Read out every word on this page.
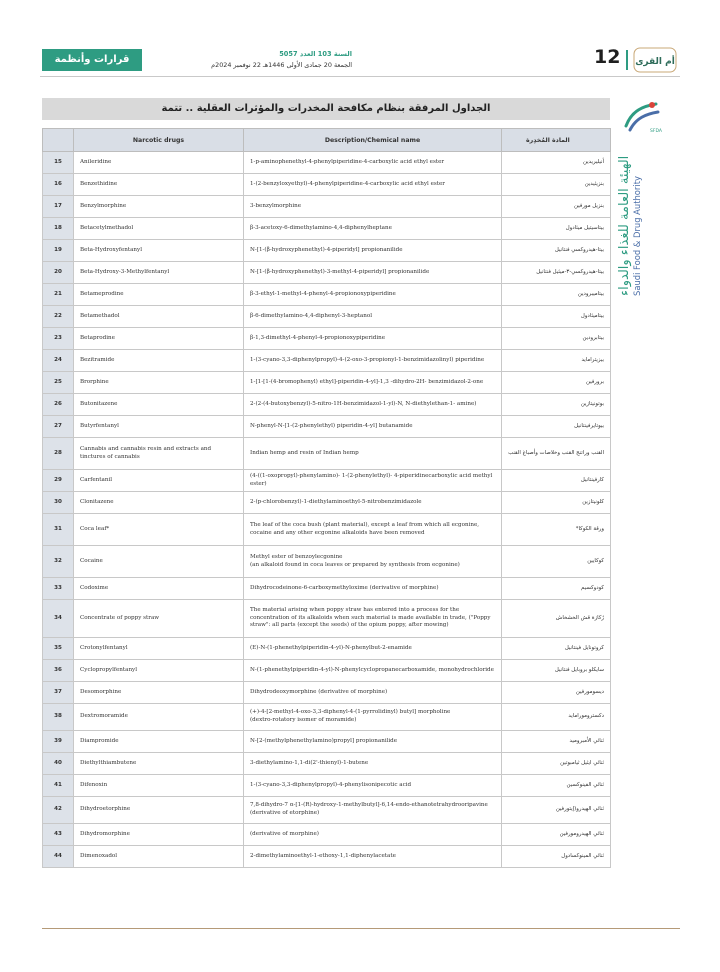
قرارات وأنظمة	السنة 103 العدد 5057
الجمعة 20 جمادى الأولى 1446هـ 22 نوفمبر 2024م	12 أم القرى
SFDA
الهيئة العامة للغذاء والدواء Saudi Food & Drug Authority
الجداول المرفقة بنظام مكافحة المخدرات والمؤثرات العقلية .. تتمة
	Narcotic drugs	Description/Chemical name	المادة المُخدِرة
15	Anileridine	1-p-aminophenethyl-4-phenylpiperidine-4-carboxylic acid ethyl ester	أنيليريدين
16	Benzethidine	1-(2-benzyloxyethyl)-4-phenylpiperidine-4-carboxylic acid ethyl ester	بنزيثيدين
17	Benzylmorphine	3-benzylmorphine	بنزيل مورفين
18	Betacetylmethadol	β-3-acetoxy-6-dimethylamino-4,4-diphenylheptane	بيتاسيتيل ميثادول
19	Beta-Hydroxyfentanyl	N-[1-(β-hydroxyphenethyl)-4-piperidyl] propionanilide	بيتا-هيدروكسي فنتانيل
20	Beta-Hydroxy-3-Methylfentanyl	N-[1-(β-hydroxyphenethyl)-3-methyl-4-piperidyl] propionanilide	بيتا-هيدروكسي-٣-ميثيل فنتانيل
21	Betameprodine	β-3-ethyl-1-methyl-4-phenyl-4-propionoxypiperidine	بيتاميبرودين
22	Betamethadol	β-6-dimethylamino-4,4-diphenyl-3-heptanol	بيتاميثادول
23	Betaprodine	β-1,3-dimethyl-4-phenyl-4-propionoxypiperidine	بيتابرودين
24	Bezitramide	1-(3-cyano-3,3-diphenylpropyl)-4-(2-oxo-3-propionyl-1-benzimidazolinyl) piperidine	بيزيترامايد
25	Brorphine	1-[1-[1-(4-bromophenyl) ethyl]-piperidin-4-yl]-1,3 -dihydro-2H- benzimidazol-2-one	برورفين
26	Butonitazene	2-(2-(4-butoxybenzyl)-5-nitro-1H-benzimidazol-1-yl)-N, N-diethylethan-1- amine)	بوتونيتازين
27	Butyrfentanyl	N-phenyl-N-[1-(2-phenylethyl) piperidin-4-yl] butanamide	بيوتايرفينتانيل
28	Cannabis and cannabis resin and extracts and tinctures of cannabis	Indian hemp and resin of Indian hemp	القنب وراتنج القنب وخلاصات وأصباغ القنب
29	Carfentanil	(4-((1-oxopropyl)-phenylamino)- 1-(2-phenylethyl)- 4-piperidinecarboxylic acid methyl ester)	كارفينتانيل
30	Clonitazene	2-(p-chlorobenzyl)-1-diethylaminoethyl-5-nitrobenzimidazole	كلونيتازين
31	Coca leaf*	The leaf of the coca bush (plant material), except a leaf from which all ecgonine, cocaine and any other ecgonine alkaloids have been removed	ورقة الكوكا*
32	Cocaine	Methyl ester of benzoylecgonine
(an alkaloid found in coca leaves or prepared by synthesis from ecgonine)	كوكايين
33	Codoxime	Dihydrocodeinone-6-carboxymethyloxime (derivative of morphine)	كودوكسيم
34	Concentrate of poppy straw	The material arising when poppy straw has entered into a process for the concentration of its alkaloids when such material is made available in trade, ("Poppy straw": all parts (except the seeds) of the opium poppy, after mowing)	رُكازة قش الخشخاش
35	Crotonylfentanyl	(E)-N-(1-phenethylpiperidin-4-yl)-N-phenylbut-2-enamide	كروتونايل فينتانيل
36	Cyclopropylfentanyl	N-(1-phenethylpiperidin-4-yl)-N-phenylcyclopropanecarboxamide, monohydrochloride	سايكلو بروبايل فنتانيل
37	Desomorphine	Dihydrodeoxymorphine (derivative of morphine)	ديسومورفين
38	Dextromoramide	(+)-4-[2-methyl-4-oxo-3,3-diphenyl-4-(1-pyrrolidinyl) butyl] morpholine
(dextro-rotatory isomer of moramide)	دكسترومورامايد
39	Diampromide	N-[2-(methylphenethylamino)propyl] propionanilide	ثنائي الأمبروميد
40	Diethylthiambutene	3-diethylamino-1,1-di(2'-thienyl)-1-butene	ثنائي ايثيل ثيامبوتين
41	Difenoxin	1-(3-cyano-3,3-diphenylpropyl)-4-phenylisonipecotic acid	ثنائي الفينوكسين
42	Dihydroetorphine	7,8-dihydro-7 α-[1-(R)-hydroxy-1-methylbutyl]-6,14-endo-ethanotetrahydrooripavine
(derivative of etorphine)	ثنائي الهيدرو(إيتورفين
43	Dihydromorphine	(derivative of morphine)	ثنائي الهيدرومورفين
44	Dimenoxadol	2-dimethylaminoethyl-1-ethoxy-1,1-diphenylacetate	ثنائي المينوكسادول
